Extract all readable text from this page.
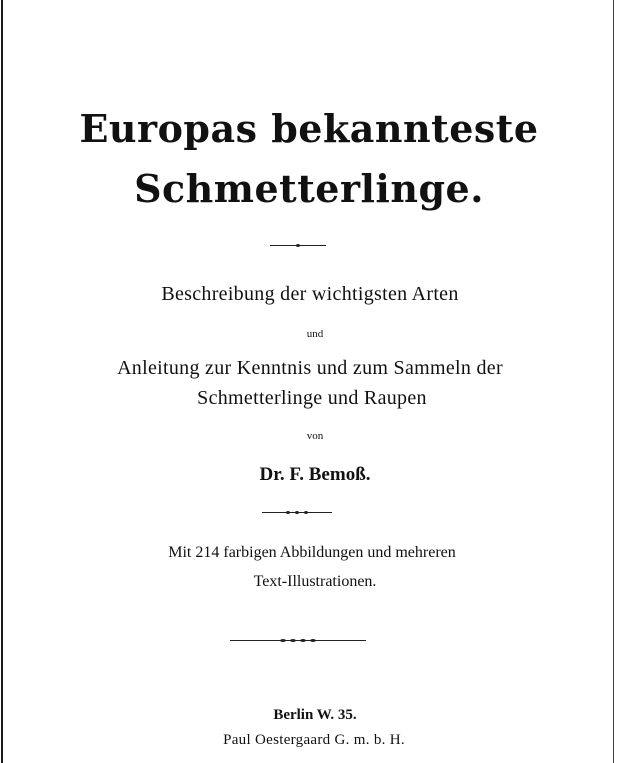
Europas bekannteste
Schmetterlinge.
Beschreibung der wichtigsten Arten
und
Anleitung zur Kenntnis und zum Sammeln der
Schmetterlinge und Raupen
von
Dr. F. Bemoß.
Mit 214 farbigen Abbildungen und mehreren
Text-Illustrationen.
Berlin W. 35.
Paul Oestergaard G. m. b. H.
